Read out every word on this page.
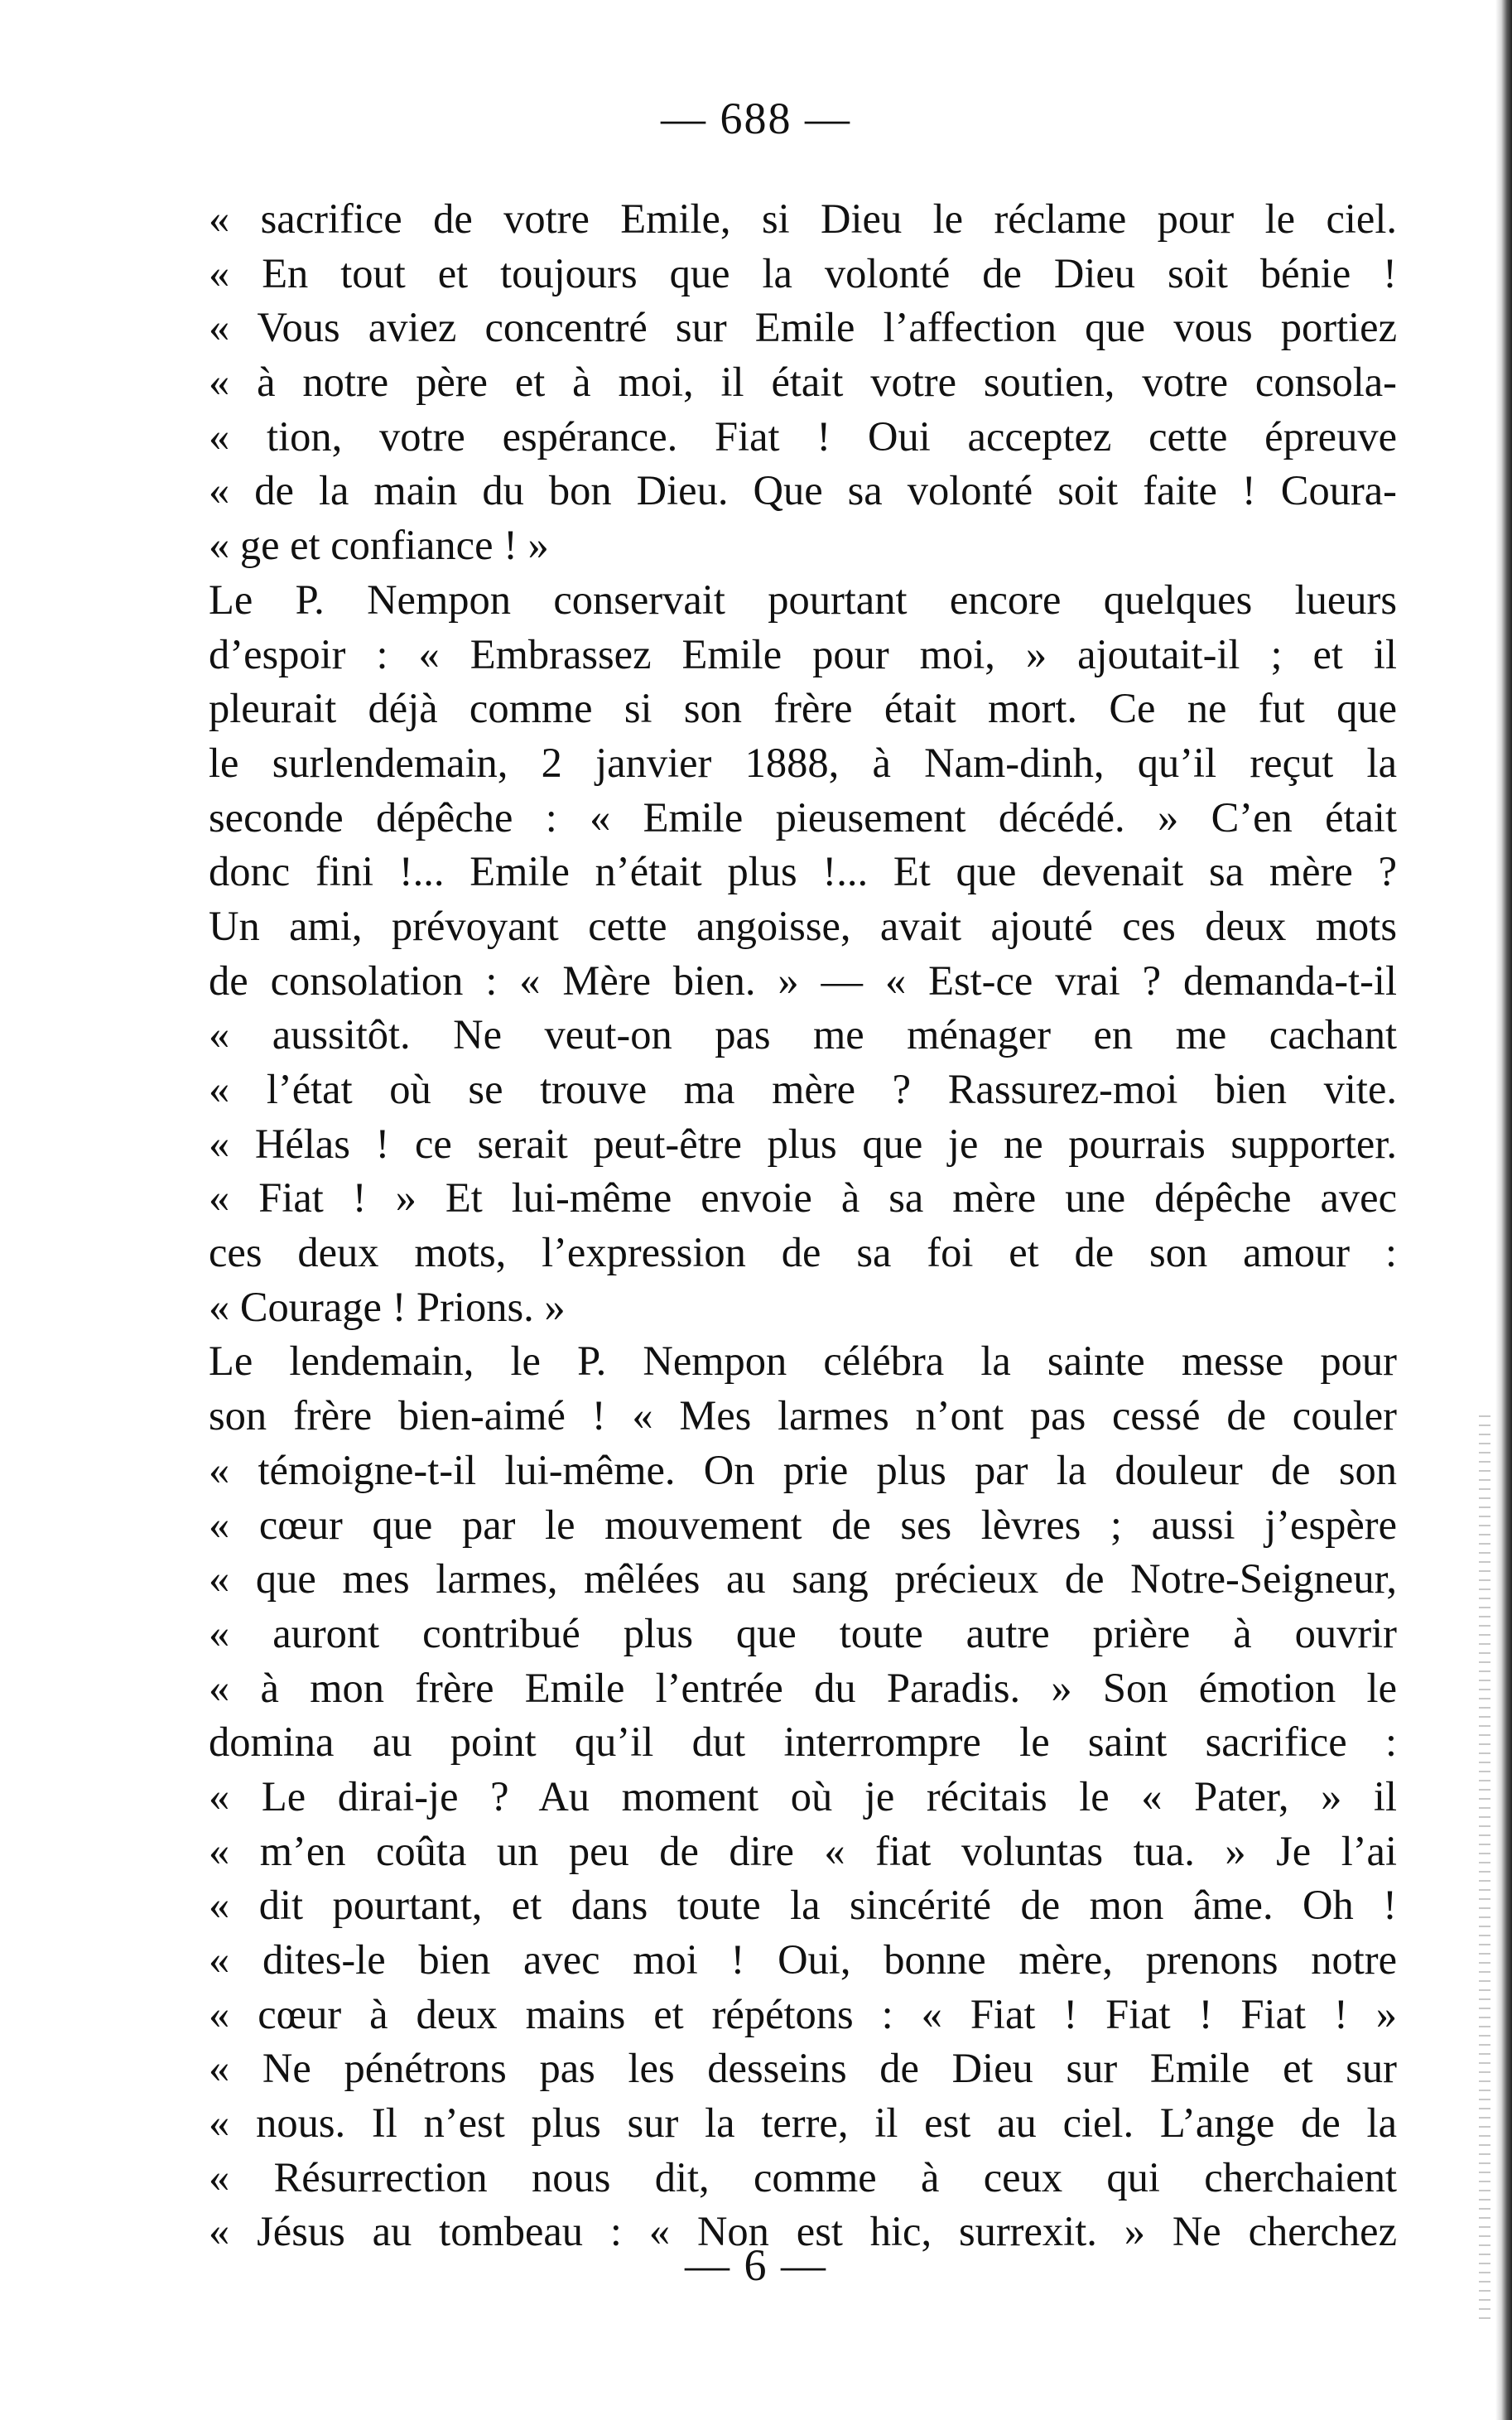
— 688 —
« sacrifice de votre Emile, si Dieu le réclame pour le ciel.
« En tout et toujours que la volonté de Dieu soit bénie !
« Vous aviez concentré sur Emile l’affection que vous portiez
« à notre père et à moi, il était votre soutien, votre consola-
« tion, votre espérance. Fiat ! Oui acceptez cette épreuve
« de la main du bon Dieu. Que sa volonté soit faite ! Coura-
« ge et confiance ! »
Le P. Nempon conservait pourtant encore quelques lueurs
d’espoir : « Embrassez Emile pour moi, » ajoutait-il ; et il
pleurait déjà comme si son frère était mort. Ce ne fut que
le surlendemain, 2 janvier 1888, à Nam-dinh, qu’il reçut la
seconde dépêche : « Emile pieusement décédé. » C’en était
donc fini !... Emile n’était plus !... Et que devenait sa mère ?
Un ami, prévoyant cette angoisse, avait ajouté ces deux mots
de consolation : « Mère bien. » — « Est-ce vrai ? demanda-t-il
« aussitôt. Ne veut-on pas me ménager en me cachant
« l’état où se trouve ma mère ? Rassurez-moi bien vite.
« Hélas ! ce serait peut-être plus que je ne pourrais supporter.
« Fiat ! » Et lui-même envoie à sa mère une dépêche avec
ces deux mots, l’expression de sa foi et de son amour :
« Courage ! Prions. »
Le lendemain, le P. Nempon célébra la sainte messe pour
son frère bien-aimé ! « Mes larmes n’ont pas cessé de couler
« témoigne-t-il lui-même. On prie plus par la douleur de son
« cœur que par le mouvement de ses lèvres ; aussi j’espère
« que mes larmes, mêlées au sang précieux de Notre-Seigneur,
« auront contribué plus que toute autre prière à ouvrir
« à mon frère Emile l’entrée du Paradis. » Son émotion le
domina au point qu’il dut interrompre le saint sacrifice :
« Le dirai-je ? Au moment où je récitais le « Pater, » il
« m’en coûta un peu de dire « fiat voluntas tua. » Je l’ai
« dit pourtant, et dans toute la sincérité de mon âme. Oh !
« dites-le bien avec moi ! Oui, bonne mère, prenons notre
« cœur à deux mains et répétons : « Fiat ! Fiat ! Fiat ! »
« Ne pénétrons pas les desseins de Dieu sur Emile et sur
« nous. Il n’est plus sur la terre, il est au ciel. L’ange de la
« Résurrection nous dit, comme à ceux qui cherchaient
« Jésus au tombeau : « Non est hic, surrexit. » Ne cherchez
— 6 —
